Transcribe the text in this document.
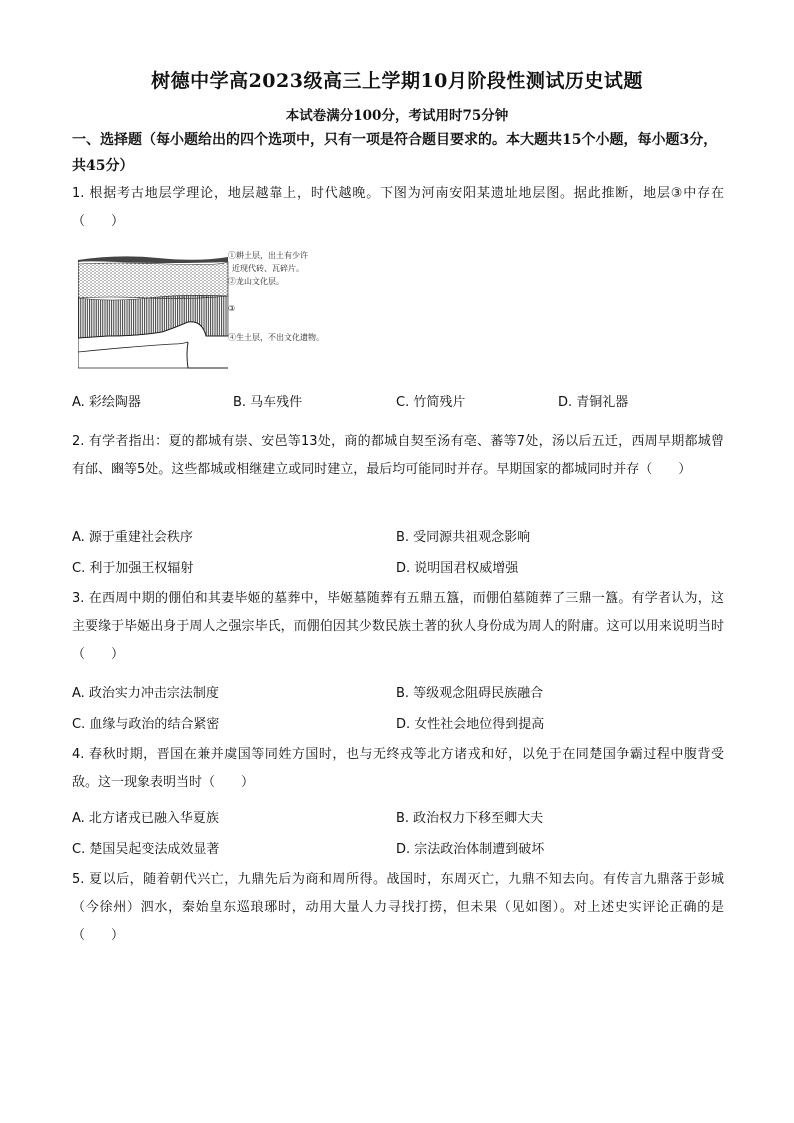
树德中学高2023级高三上学期10月阶段性测试历史试题
本试卷满分100分，考试用时75分钟
一、选择题（每小题给出的四个选项中，只有一项是符合题目要求的。本大题共15个小题，每小题3分，共45分）
1. 根据考古地层学理论，地层越靠上，时代越晚。下图为河南安阳某遗址地层图。据此推断，地层③中存在（　　）
①耕土层，出土有少许
近现代砖、瓦碎片。
②龙山文化层。
③
④生土层，不出文化遗物。
A. 彩绘陶器	B. 马车残件	C. 竹简残片	D. 青铜礼器
2. 有学者指出：夏的都城有崇、安邑等13处，商的都城自契至汤有亳、蕃等7处，汤以后五迁，西周早期都城曾有邰、豳等5处。这些都城或相继建立或同时建立，最后均可能同时并存。早期国家的都城同时并存（　　）
A. 源于重建社会秩序	B. 受同源共祖观念影响
C. 利于加强王权辐射	D. 说明国君权威增强
3. 在西周中期的倗伯和其妻毕姬的墓葬中，毕姬墓随葬有五鼎五簋，而倗伯墓随葬了三鼎一簋。有学者认为，这主要缘于毕姬出身于周人之强宗毕氏，而倗伯因其少数民族土著的狄人身份成为周人的附庸。这可以用来说明当时（　　）
A. 政治实力冲击宗法制度	B. 等级观念阻碍民族融合
C. 血缘与政治的结合紧密	D. 女性社会地位得到提高
4. 春秋时期，晋国在兼并虞国等同姓方国时，也与无终戎等北方诸戎和好，以免于在同楚国争霸过程中腹背受敌。这一现象表明当时（　　）
A. 北方诸戎已融入华夏族	B. 政治权力下移至卿大夫
C. 楚国吴起变法成效显著	D. 宗法政治体制遭到破坏
5. 夏以后，随着朝代兴亡，九鼎先后为商和周所得。战国时，东周灭亡，九鼎不知去向。有传言九鼎落于彭城（今徐州）泗水，秦始皇东巡琅琊时，动用大量人力寻找打捞，但未果（见如图）。对上述史实评论正确的是（　　）
